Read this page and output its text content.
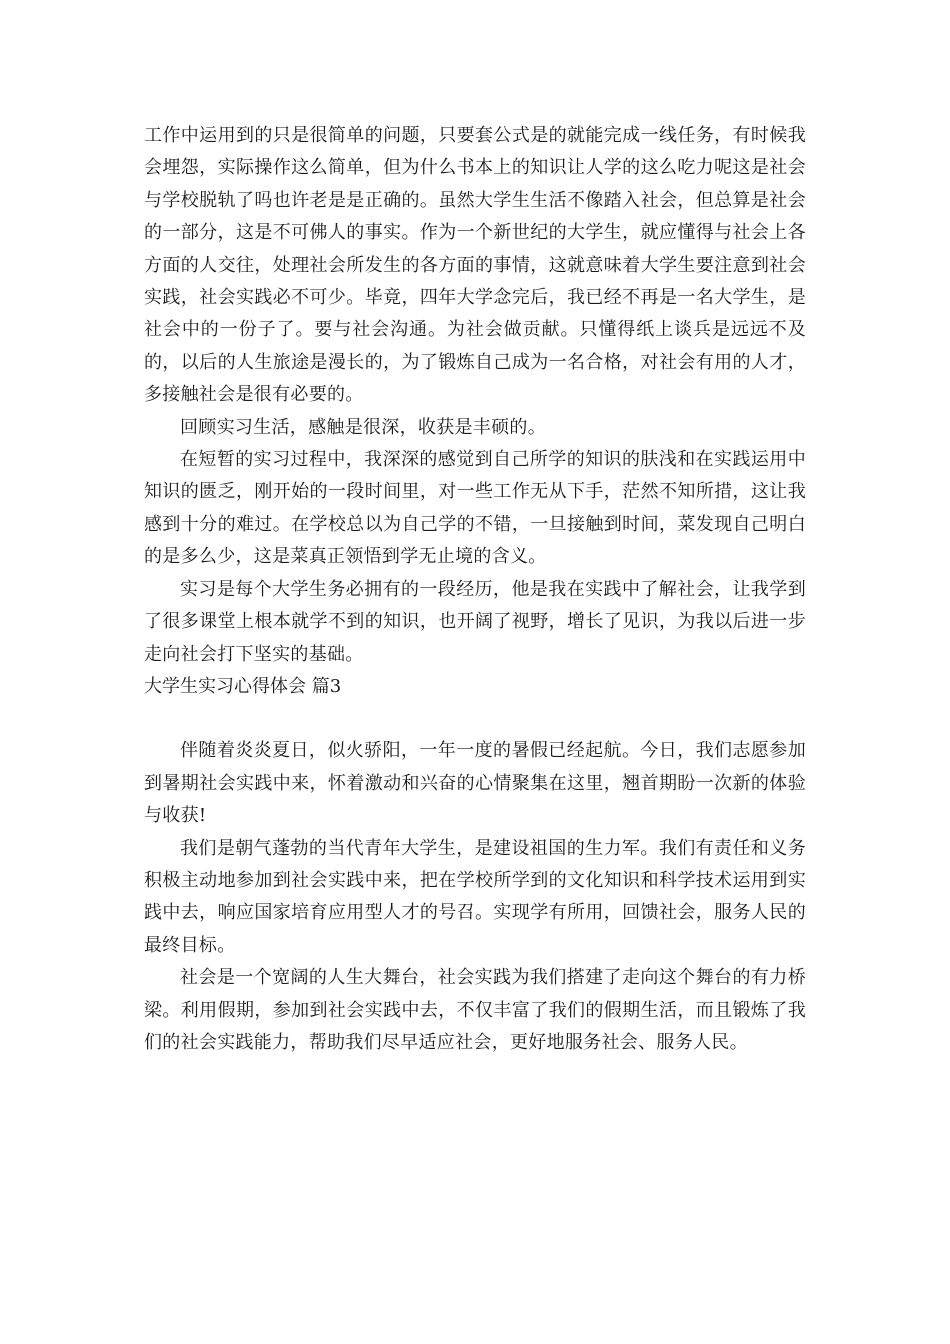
工作中运用到的只是很简单的问题，只要套公式是的就能完成一线任务，有时候我会埋怨，实际操作这么简单，但为什么书本上的知识让人学的这么吃力呢这是社会与学校脱轨了吗也许老是是正确的。虽然大学生生活不像踏入社会，但总算是社会的一部分，这是不可佛人的事实。作为一个新世纪的大学生，就应懂得与社会上各方面的人交往，处理社会所发生的各方面的事情，这就意味着大学生要注意到社会实践，社会实践必不可少。毕竟，四年大学念完后，我已经不再是一名大学生，是社会中的一份子了。要与社会沟通。为社会做贡献。只懂得纸上谈兵是远远不及的，以后的人生旅途是漫长的，为了锻炼自己成为一名合格，对社会有用的人才，多接触社会是很有必要的。

回顾实习生活，感触是很深，收获是丰硕的。

在短暂的实习过程中，我深深的感觉到自己所学的知识的肤浅和在实践运用中知识的匮乏，刚开始的一段时间里，对一些工作无从下手，茫然不知所措，这让我感到十分的难过。在学校总以为自己学的不错，一旦接触到时间，菜发现自己明白的是多么少，这是菜真正领悟到学无止境的含义。

实习是每个大学生务必拥有的一段经历，他是我在实践中了解社会，让我学到了很多课堂上根本就学不到的知识，也开阔了视野，增长了见识，为我以后进一步走向社会打下坚实的基础。

大学生实习心得体会 篇3

伴随着炎炎夏日，似火骄阳，一年一度的暑假已经起航。今日，我们志愿参加到暑期社会实践中来，怀着激动和兴奋的心情聚集在这里，翘首期盼一次新的体验与收获!

我们是朝气蓬勃的当代青年大学生，是建设祖国的生力军。我们有责任和义务积极主动地参加到社会实践中来，把在学校所学到的文化知识和科学技术运用到实践中去，响应国家培育应用型人才的号召。实现学有所用，回馈社会，服务人民的最终目标。

社会是一个宽阔的人生大舞台，社会实践为我们搭建了走向这个舞台的有力桥梁。利用假期，参加到社会实践中去，不仅丰富了我们的假期生活，而且锻炼了我们的社会实践能力，帮助我们尽早适应社会，更好地服务社会、服务人民。
